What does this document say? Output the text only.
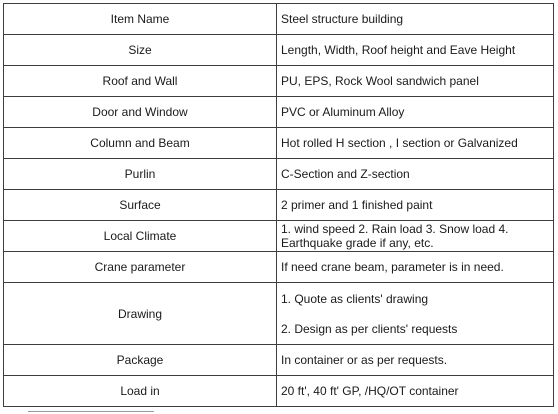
Item Name	Steel structure building
Size	Length, Width, Roof height and Eave Height
Roof and Wall	PU, EPS, Rock Wool sandwich panel
Door and Window	PVC or Aluminum Alloy
Column and Beam	Hot rolled H section , I section or Galvanized
Purlin	C-Section and Z-section
Surface	2 primer and 1 finished paint
Local Climate	1. wind speed 2. Rain load 3. Snow load 4. Earthquake grade if any, etc.
Crane parameter	If need crane beam, parameter is in need.
Drawing	1. Quote as clients' drawing

2. Design as per clients' requests

Package	In container or as per requests.
Load in	20 ft', 40 ft' GP, /HQ/OT container
